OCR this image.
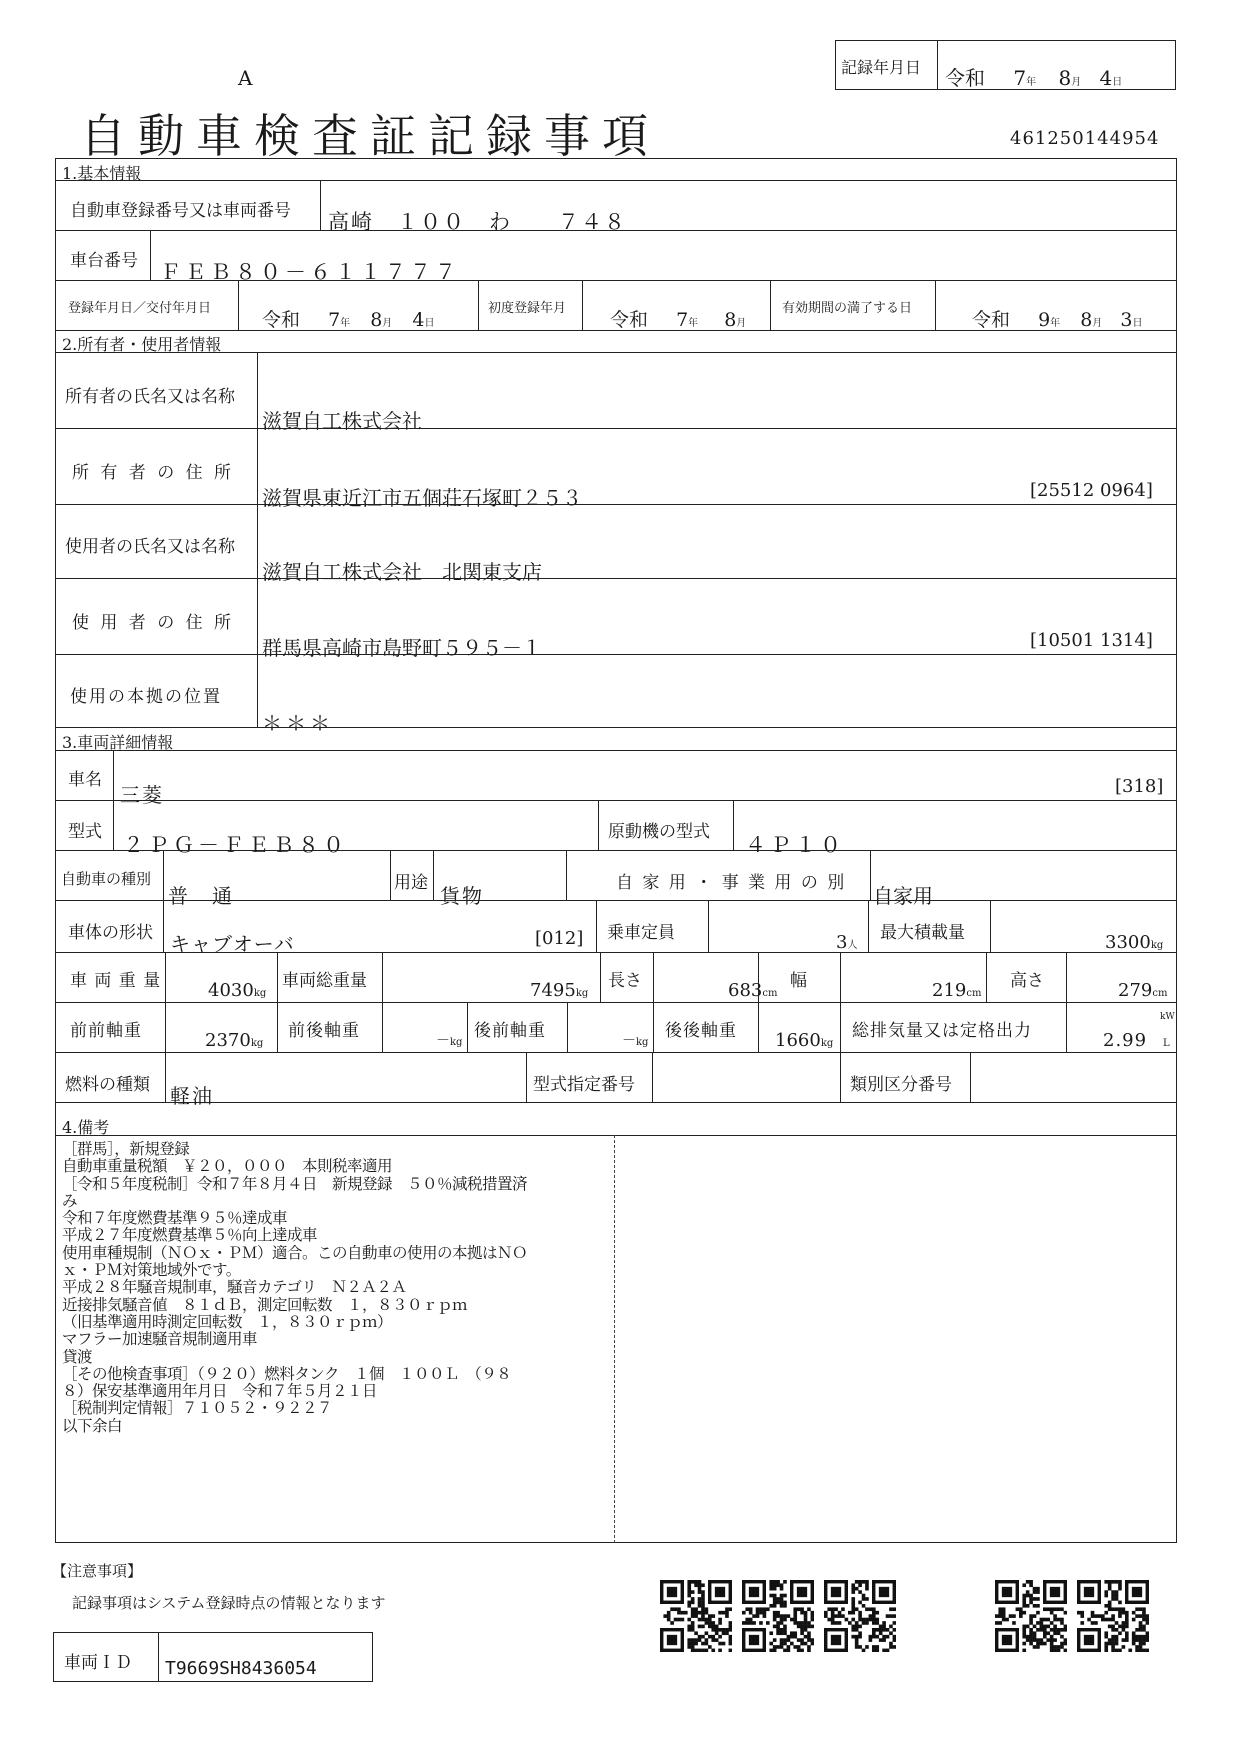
A
自動車検査証記録事項
記録年月日 令和 7年 8月 4日
461250144954
1.基本情報
自動車登録番号又は車両番号 高崎　１００　わ　　７４８
車台番号 ＦＥＢ８０－６１１７７７
登録年月日／交付年月日
令和 7年 8月 4日
初度登録年月
令和 7年 8月
有効期間の満了する日
令和 9年 8月 3日
2.所有者・使用者情報
所有者の氏名又は名称
滋賀自工株式会社
所 有 者 の 住 所
滋賀県東近江市五個荘石塚町２５３	[25512 0964]
使用者の氏名又は名称
滋賀自工株式会社　北関東支店
使 用 者 の 住 所
群馬県高崎市島野町５９５－１	[10501 1314]
使用の本拠の位置
＊＊＊
3.車両詳細情報
車名
三菱	[318]
型式
２ＰＧ－ＦＥＢ８０
原動機の型式
４Ｐ１０
自動車の種別
普　通
用途
貨物
自 家 用 ・ 事 業 用 の 別
自家用
車体の形状 キャブオーバ	[012] 乗車定員	3人
最大積載量	3300kg
車 両 重 量	4030kg
車両総重量	7495kg
長さ	683cm
幅	219cm
高さ	279cm
前前軸重	2370kg
前後軸重	－kg
後前軸重	－kg
後後軸重 1660kg
総排気量又は定格出力	2.99
kW
L
燃料の種類 軽油	型式指定番号	類別区分番号
4.備考
［群馬］，新規登録
自動車重量税額　￥２０，０００　本則税率適用
［令和５年度税制］令和７年８月４日　新規登録　５０％減税措置済
み
令和７年度燃費基準９５％達成車
平成２７年度燃費基準５％向上達成車
使用車種規制（ＮＯｘ・ＰＭ）適合。この自動車の使用の本拠はＮＯ
ｘ・ＰＭ対策地域外です。
平成２８年騒音規制車，騒音カテゴリ　Ｎ２Ａ２Ａ
近接排気騒音値　８１ｄＢ，測定回転数　１，８３０ｒｐｍ
（旧基準適用時測定回転数　１，８３０ｒｐｍ）
マフラー加速騒音規制適用車
貸渡
［その他検査事項］（９２０）燃料タンク　１個　１００Ｌ　（９８
８）保安基準適用年月日　令和７年５月２１日
［税制判定情報］７１０５２・９２２７
以下余白
【注意事項】
記録事項はシステム登録時点の情報となります
車両ＩＤ T9669SH8436054
